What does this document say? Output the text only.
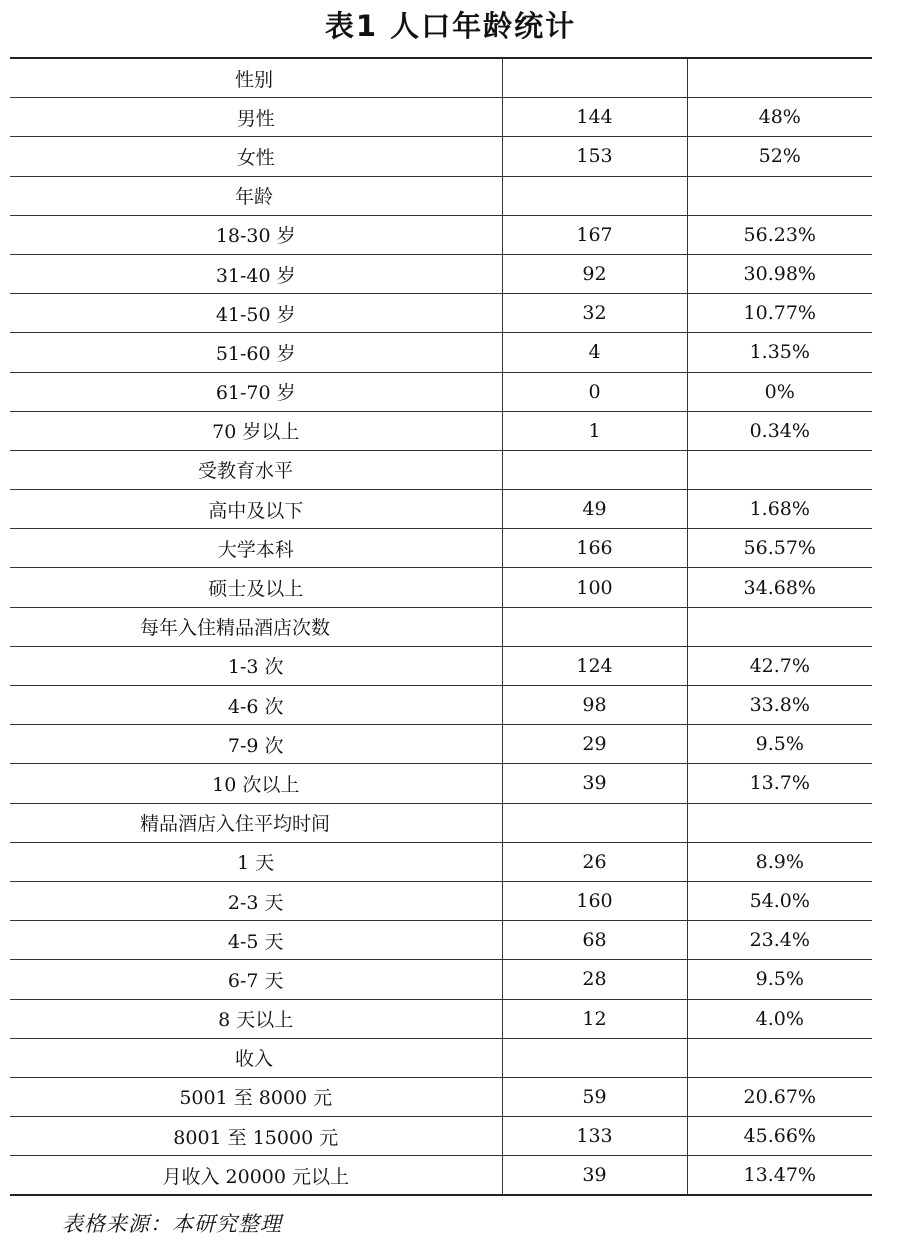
表1 人口年龄统计
性别		
男性	144	48%
女性	153	52%
年龄		
18-30 岁	167	56.23%
31-40 岁	92	30.98%
41-50 岁	32	10.77%
51-60 岁	4	1.35%
61-70 岁	0	0%
70 岁以上	1	0.34%
受教育水平		
高中及以下	49	1.68%
大学本科	166	56.57%
硕士及以上	100	34.68%
每年入住精品酒店次数		
1-3 次	124	42.7%
4-6 次	98	33.8%
7-9 次	29	9.5%
10 次以上	39	13.7%
精品酒店入住平均时间		
1 天	26	8.9%
2-3 天	160	54.0%
4-5 天	68	23.4%
6-7 天	28	9.5%
8 天以上	12	4.0%
收入		
5001 至 8000 元	59	20.67%
8001 至 15000 元	133	45.66%
月收入 20000 元以上	39	13.47%
表格来源：本研究整理
